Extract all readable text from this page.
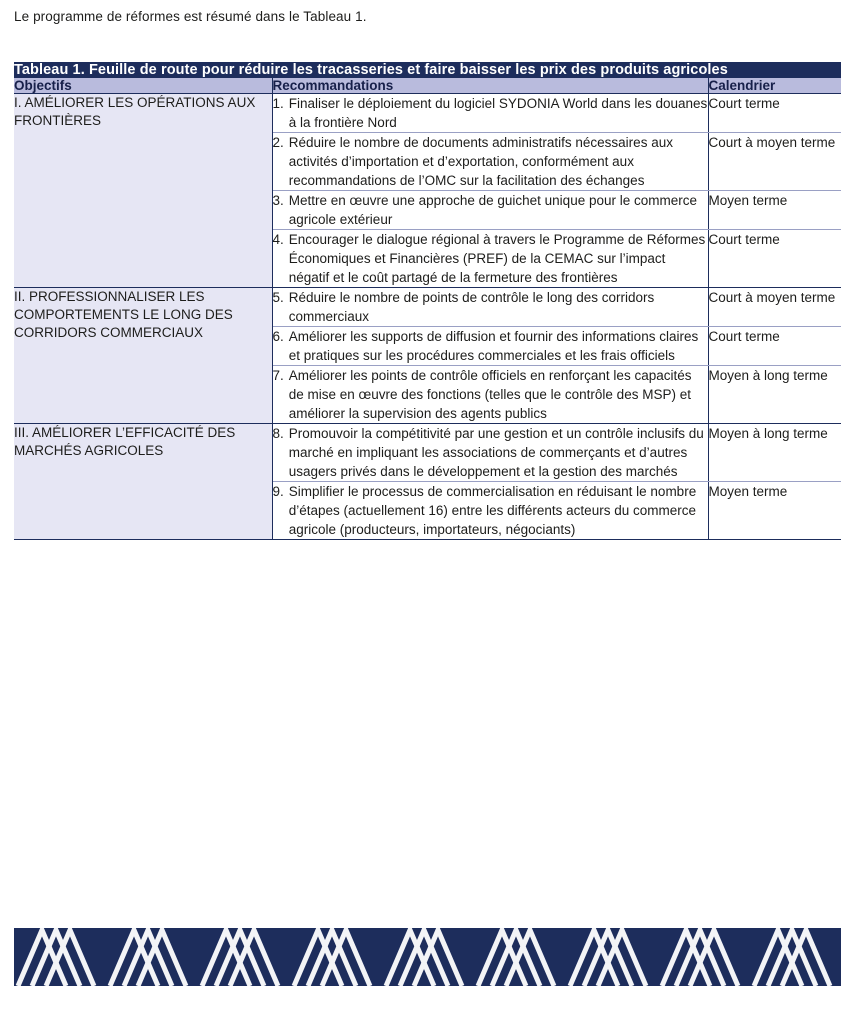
Le programme de réformes est résumé dans le Tableau 1.
Tableau 1. Feuille de route pour réduire les tracasseries et faire baisser les prix des produits agricoles		
Objectifs	Recommandations	Calendrier
I. AMÉLIORER LES OPÉRATIONS AUX FRONTIÈRES	1. Finaliser le déploiement du logiciel SYDONIA World dans les douanes à la frontière Nord	Court terme

	2. Réduire le nombre de documents administratifs nécessaires aux activités d’importation et d’exportation, conformément aux recommandations de l’OMC sur la facilitation des échanges	Court à moyen terme

	3. Mettre en œuvre une approche de guichet unique pour le commerce agricole extérieur	Moyen terme

	4. Encourager le dialogue régional à travers le Programme de Réformes Économiques et Financières (PREF) de la CEMAC sur l’impact négatif et le coût partagé de la fermeture des frontières	Court terme
II. PROFESSIONNALISER LES COMPORTEMENTS LE LONG DES CORRIDORS COMMERCIAUX	5. Réduire le nombre de points de contrôle le long des corridors commerciaux	Court à moyen terme

	6. Améliorer les supports de diffusion et fournir des informations claires et pratiques sur les procédures commerciales et les frais officiels	Court terme

	7. Améliorer les points de contrôle officiels en renforçant les capacités de mise en œuvre des fonctions (telles que le contrôle des MSP) et améliorer la supervision des agents publics	Moyen à long terme
III. AMÉLIORER L’EFFICACITÉ DES MARCHÉS AGRICOLES	8. Promouvoir la compétitivité par une gestion et un contrôle inclusifs du marché en impliquant les associations de commerçants et d’autres usagers privés dans le développement et la gestion des marchés	Moyen à long terme

	9. Simplifier le processus de commercialisation en réduisant le nombre d’étapes (actuellement 16) entre les différents acteurs du commerce agricole (producteurs, importateurs, négociants)	Moyen terme
